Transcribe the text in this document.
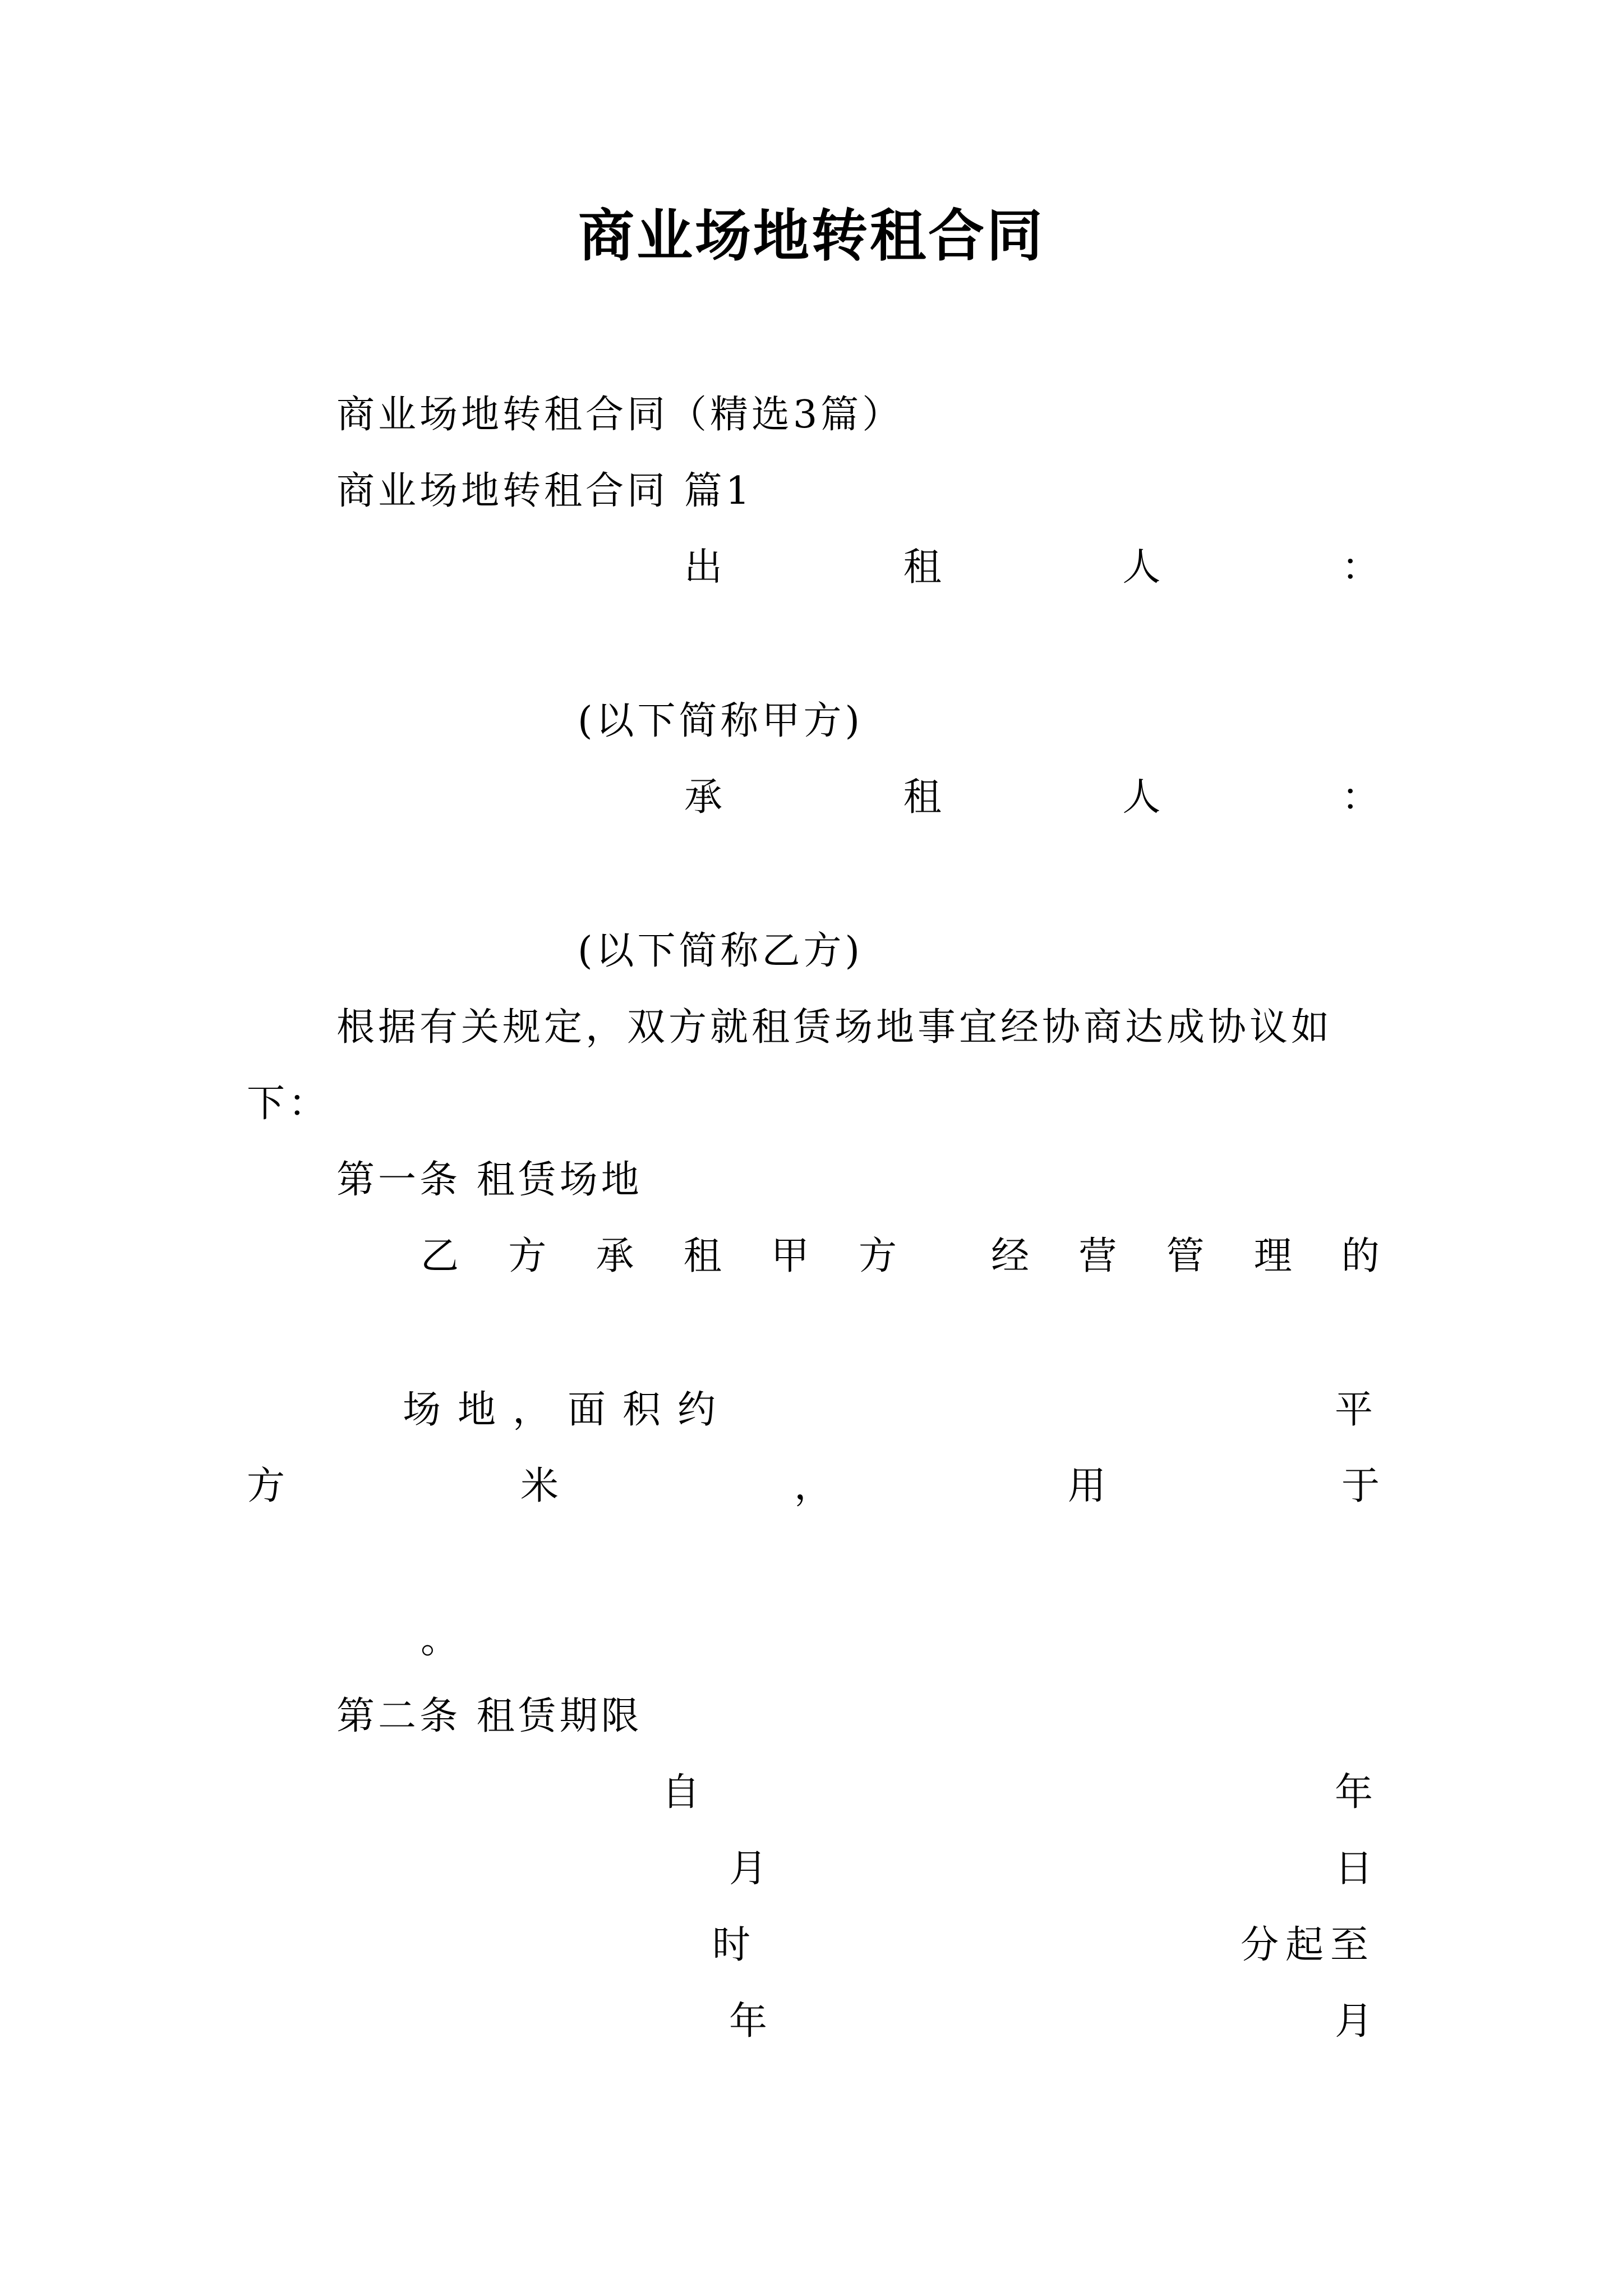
商业场地转租合同
商业场地转租合同（精选3篇）
商业场地转租合同 篇1
出	租	人	：
(以下简称甲方)
承	租	人	：
(以下简称乙方)
根据有关规定，双方就租赁场地事宜经协商达成协议如
下：
第一条 租赁场地
乙 方 承 租 甲 方 经 营 管 理 的
场地，面积约	平
方	米	，	用	于
。
第二条 租赁期限
自	年
月	日
时	分起至
年	月
